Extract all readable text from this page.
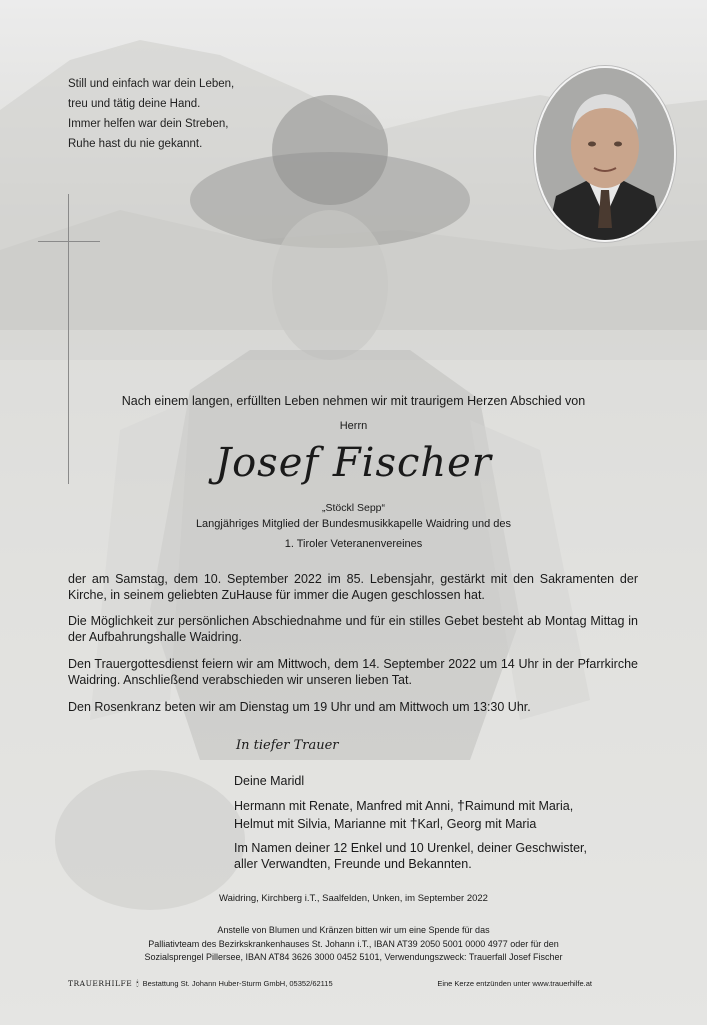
Still und einfach war dein Leben,
treu und tätig deine Hand.
Immer helfen war dein Streben,
Ruhe hast du nie gekannt.
Nach einem langen, erfüllten Leben nehmen wir mit traurigem Herzen Abschied von
Herrn
Josef Fischer
„Stöckl Sepp“
Langjähriges Mitglied der Bundesmusikkapelle Waidring und des
1. Tiroler Veteranenvereines
der am Samstag, dem 10. September 2022 im 85. Lebensjahr, gestärkt mit den Sakramenten der Kirche, in seinem geliebten ZuHause für immer die Augen geschlossen hat.
Die Möglichkeit zur persönlichen Abschiednahme und für ein stilles Gebet besteht ab Montag Mittag in der Aufbahrungshalle Waidring.
Den Trauergottesdienst feiern wir am Mittwoch, dem 14. September 2022 um 14 Uhr in der Pfarrkirche Waidring. Anschließend verabschieden wir unseren lieben Tat.
Den Rosenkranz beten wir am Dienstag um 19 Uhr und am Mittwoch um 13:30 Uhr.
In tiefer Trauer
Deine Maridl
Hermann mit Renate, Manfred mit Anni, †Raimund mit Maria,
Helmut mit Silvia, Marianne mit †Karl, Georg mit Maria
Im Namen deiner 12 Enkel und 10 Urenkel, deiner Geschwister,
aller Verwandten, Freunde und Bekannten.
Waidring, Kirchberg i.T., Saalfelden, Unken, im September 2022
Anstelle von Blumen und Kränzen bitten wir um eine Spende für das
Palliativteam des Bezirkskrankenhauses St. Johann i.T., IBAN AT39 2050 5001 0000 4977 oder für den
Sozialsprengel Pillersee, IBAN AT84 3626 3000 0452 5101, Verwendungszweck: Trauerfall Josef Fischer
TRAUERHILFE 🕯 Bestattung St. Johann Huber-Sturm GmbH, 05352/62115	Eine Kerze entzünden unter www.trauerhilfe.at
